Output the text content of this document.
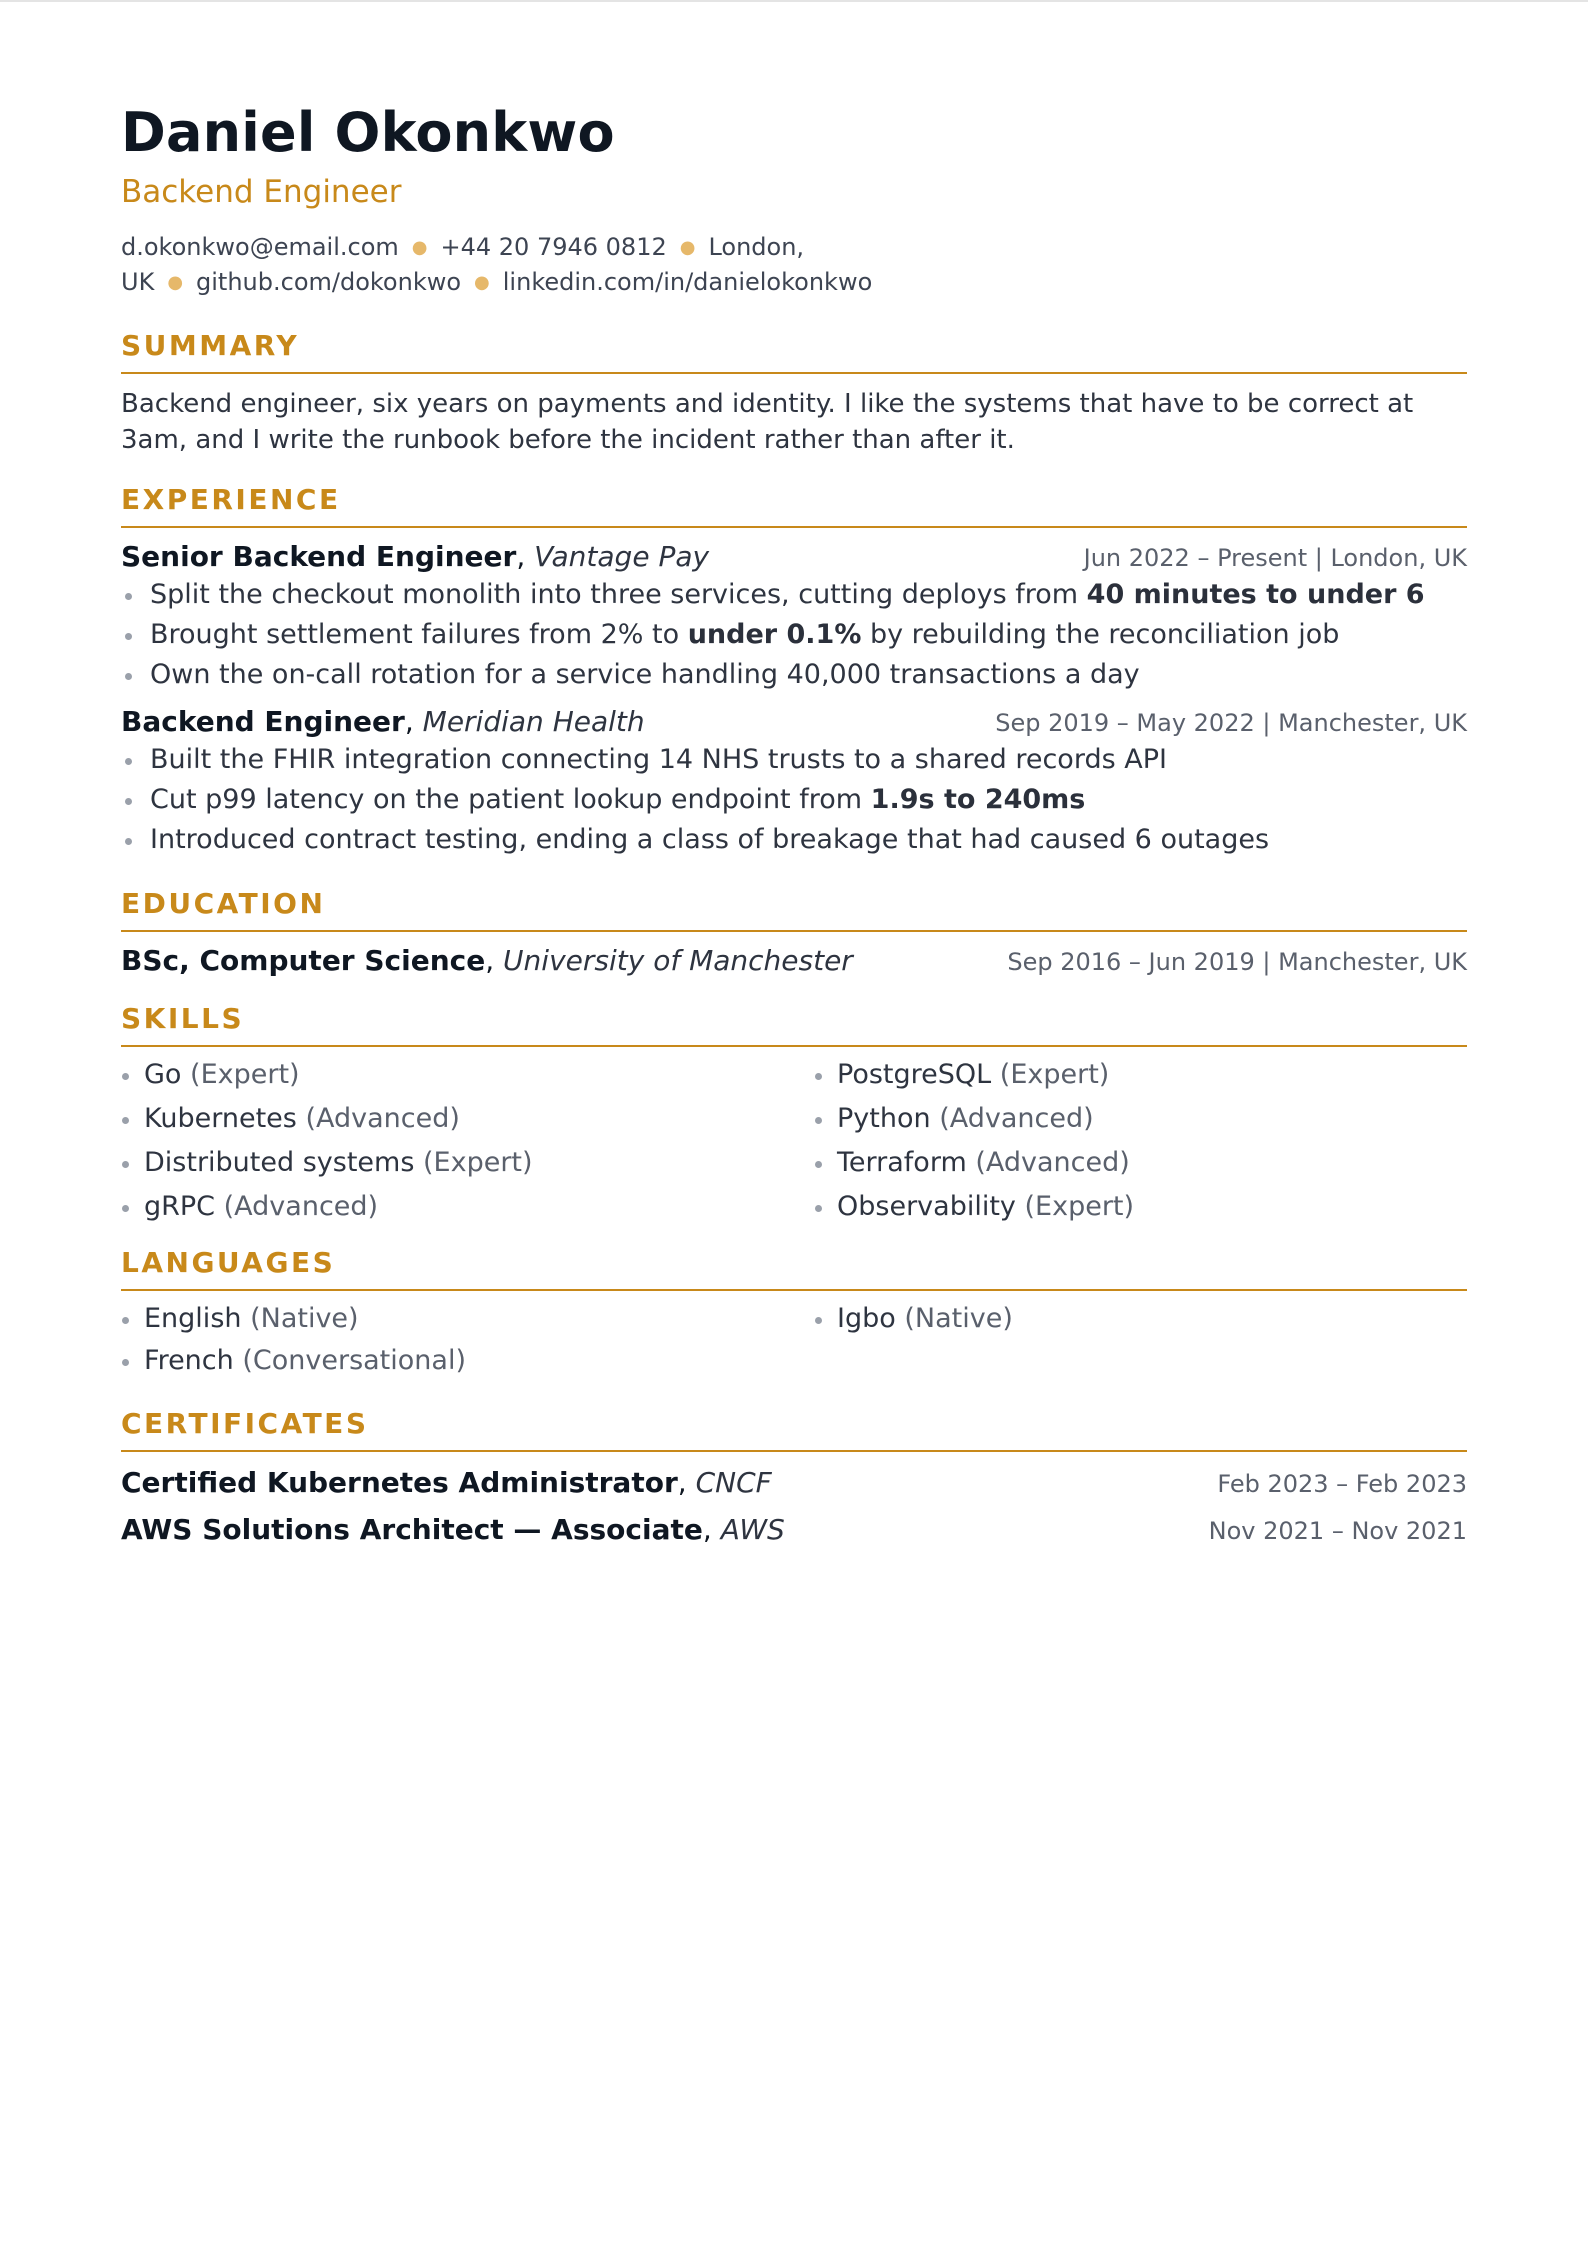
Daniel Okonkwo
Backend Engineer
d.okonkwo@email.com ● +44 20 7946 0812 ● London,
UK ● github.com/dokonkwo ● linkedin.com/in/danielokonkwo
SUMMARY
Backend engineer, six years on payments and identity. I like the systems that have to be correct at 3am, and I write the runbook before the incident rather than after it.
EXPERIENCE
Senior Backend Engineer, Vantage Pay	Jun 2022 – Present | London, UK
Split the checkout monolith into three services, cutting deploys from 40 minutes to under 6
Brought settlement failures from 2% to under 0.1% by rebuilding the reconciliation job
Own the on-call rotation for a service handling 40,000 transactions a day
Backend Engineer, Meridian Health	Sep 2019 – May 2022 | Manchester, UK
Built the FHIR integration connecting 14 NHS trusts to a shared records API
Cut p99 latency on the patient lookup endpoint from 1.9s to 240ms
Introduced contract testing, ending a class of breakage that had caused 6 outages
EDUCATION
BSc, Computer Science, University of Manchester	Sep 2016 – Jun 2019 | Manchester, UK
SKILLS
Go (Expert)	PostgreSQL (Expert)
Kubernetes (Advanced)	Python (Advanced)
Distributed systems (Expert)	Terraform (Advanced)
gRPC (Advanced)	Observability (Expert)
LANGUAGES
English (Native)	Igbo (Native)
French (Conversational)
CERTIFICATES
Certified Kubernetes Administrator, CNCF	Feb 2023 – Feb 2023
AWS Solutions Architect — Associate, AWS	Nov 2021 – Nov 2021
